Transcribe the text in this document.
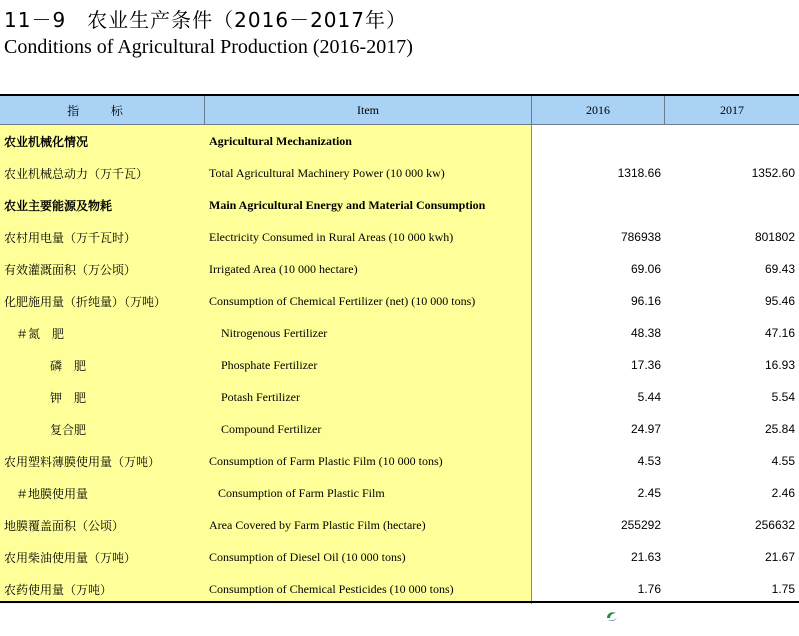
11－9　农业生产条件（2016－2017年）
Conditions of Agricultural Production (2016-2017)
指 标	Item	2016	2017
农业机械化情况	Agricultural Mechanization
农业机械总动力（万千瓦）	Total Agricultural Machinery Power (10 000 kw)	1318.66	1352.60
农业主要能源及物耗	Main Agricultural Energy and Material Consumption
农村用电量（万千瓦时）	Electricity Consumed in Rural Areas (10 000 kwh)	786938	801802
有效灌溉面积（万公顷）	Irrigated Area (10 000 hectare)	69.06	69.43
化肥施用量（折纯量）（万吨）	Consumption of Chemical Fertilizer (net) (10 000 tons)	96.16	95.46
＃氮　肥	Nitrogenous Fertilizer	48.38	47.16
磷　肥	Phosphate Fertilizer	17.36	16.93
钾　肥	Potash Fertilizer	5.44	5.54
复合肥	Compound Fertilizer	24.97	25.84
农用塑料薄膜使用量（万吨）	Consumption of Farm Plastic Film (10 000 tons)	4.53	4.55
＃地膜使用量	Consumption of Farm Plastic Film	2.45	2.46
地膜覆盖面积（公顷）	Area Covered by Farm Plastic Film (hectare)	255292	256632
农用柴油使用量（万吨）	Consumption of Diesel Oil (10 000 tons)	21.63	21.67
农药使用量（万吨）	Consumption of Chemical Pesticides (10 000 tons)	1.76	1.75
